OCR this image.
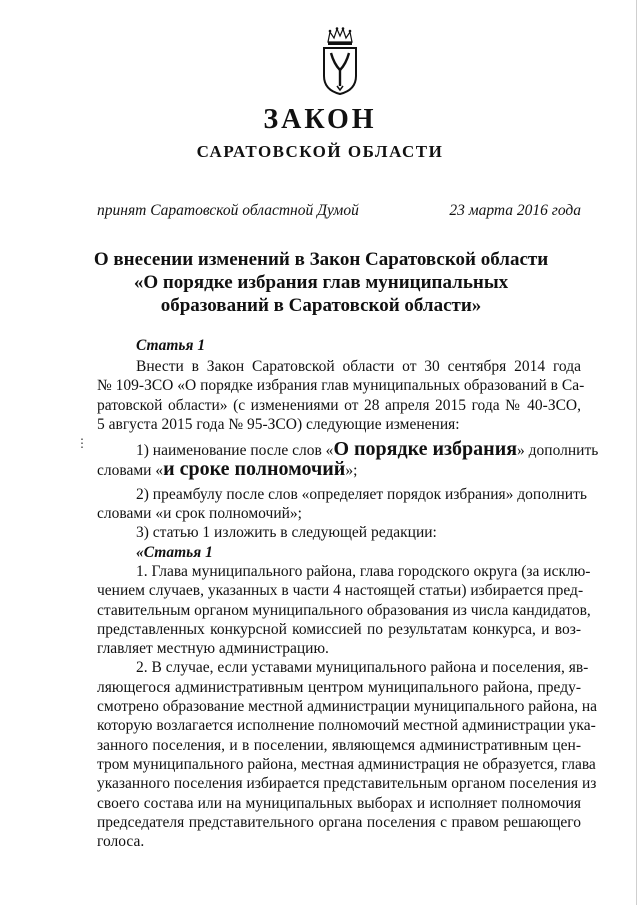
ЗАКОН
САРАТОВСКОЙ ОБЛАСТИ
принят Саратовской областной Думой	23 марта 2016 года
О внесении изменений в Закон Саратовской области
«О порядке избрания глав муниципальных
образований в Саратовской области»
Статья 1
⋮
Внести в Закон Саратовской области от 30 сентября 2014 года
№ 109-ЗСО «О порядке избрания глав муниципальных образований в Са-
ратовской области» (с изменениями от 28 апреля 2015 года № 40-ЗСО,
5 августа 2015 года № 95-ЗСО) следующие изменения:
1) наименование после слов «О порядке избрания» дополнить
словами «и сроке полномочий»;
2) преамбулу после слов «определяет порядок избрания» дополнить
словами «и срок полномочий»;
3) статью 1 изложить в следующей редакции:
«Статья 1
1. Глава муниципального района, глава городского округа (за исклю-
чением случаев, указанных в части 4 настоящей статьи) избирается пред-
ставительным органом муниципального образования из числа кандидатов,
представленных конкурсной комиссией по результатам конкурса, и воз-
главляет местную администрацию.
2. В случае, если уставами муниципального района и поселения, яв-
ляющегося административным центром муниципального района, преду-
смотрено образование местной администрации муниципального района, на
которую возлагается исполнение полномочий местной администрации ука-
занного поселения, и в поселении, являющемся административным цен-
тром муниципального района, местная администрация не образуется, глава
указанного поселения избирается представительным органом поселения из
своего состава или на муниципальных выборах и исполняет полномочия
председателя представительного органа поселения с правом решающего
голоса.
